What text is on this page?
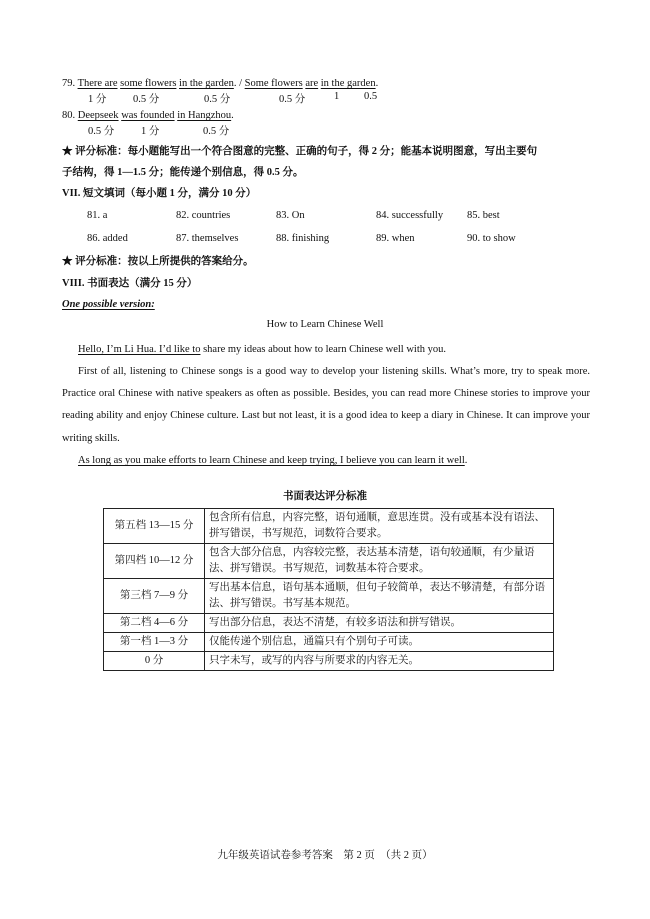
79. There are some flowers in the garden. / Some flowers are in the garden.
1 分	0.5 分	0.5 分	0.5 分	1 0.5
80. Deepseek was founded in Hangzhou.
0.5 分	1 分	0.5 分
★ 评分标准：每小题能写出一个符合图意的完整、正确的句子，得 2 分；能基本说明图意，写出主要句
子结构，得 1—1.5 分；能传递个别信息，得 0.5 分。
VII. 短文填词（每小题 1 分，满分 10 分）
81. a	82. countries	83. On	84. successfully 85. best
86. added	87. themselves	88. finishing	89. when	90. to show
★ 评分标准：按以上所提供的答案给分。
VIII. 书面表达（满分 15 分）
One possible version:
How to Learn Chinese Well
Hello, I’m Li Hua. I’d like to share my ideas about how to learn Chinese well with you.
First of all, listening to Chinese songs is a good way to develop your listening skills. What’s more, try to speak more. Practice oral Chinese with native speakers as often as possible. Besides, you can read more Chinese stories to improve your reading ability and enjoy Chinese culture. Last but not least, it is a good idea to keep a diary in Chinese. It can improve your writing skills.
As long as you make efforts to learn Chinese and keep trying, I believe you can learn it well.
书面表达评分标准
第五档 13—15 分	包含所有信息，内容完整，语句通顺，意思连贯。没有或基本没有语法、拼写错误，书写规范，词数符合要求。
第四档 10—12 分	包含大部分信息，内容较完整，表达基本清楚，语句较通顺，有少量语法、拼写错误。书写规范，词数基本符合要求。
第三档 7—9 分	写出基本信息，语句基本通顺，但句子较简单，表达不够清楚，有部分语法、拼写错误。书写基本规范。
第二档 4—6 分	写出部分信息，表达不清楚，有较多语法和拼写错误。
第一档 1—3 分	仅能传递个别信息，通篇只有个别句子可读。
0 分	只字未写，或写的内容与所要求的内容无关。
九年级英语试卷参考答案　第 2 页　（共 2 页）
